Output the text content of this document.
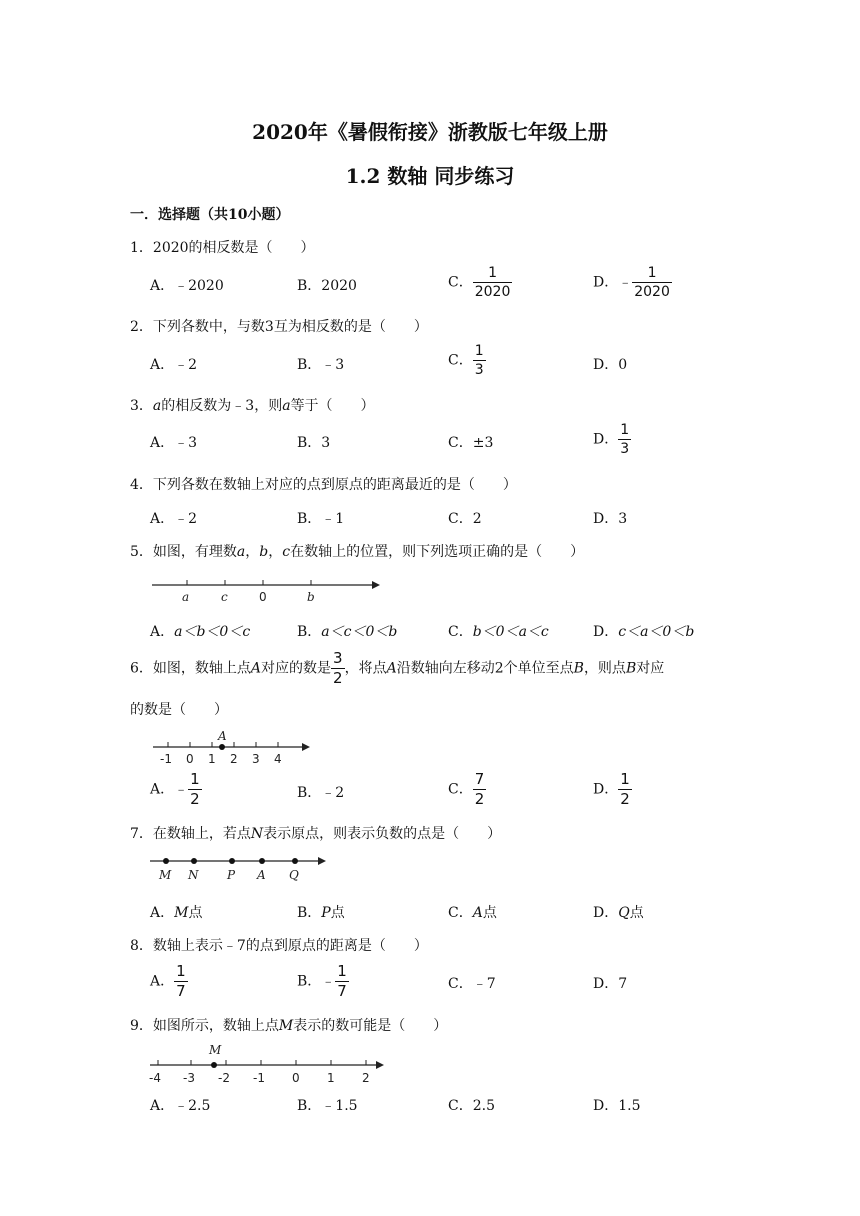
2020年《暑假衔接》浙教版七年级上册
1.2 数轴 同步练习
一．选择题（共10小题）
1．2020的相反数是（　　）
A．﹣2020	B．2020	C． $\frac{1}{2020}$	D．﹣ $\frac{1}{2020}$
2．下列各数中，与数3互为相反数的是（　　）
A．﹣2	B．﹣3	C． $\frac{1}{3}$	D．0
3．a的相反数为﹣3，则a等于（　　）
A．﹣3	B．3	C．±3	D． $\frac{1}{3}$
4．下列各数在数轴上对应的点到原点的距离最近的是（　　）
A．﹣2	B．﹣1	C．2	D．3
5．如图，有理数a，b，c在数轴上的位置，则下列选项正确的是（　　）
a	c	0	b
A．a＜b＜0＜c	B．a＜c＜0＜b	C．b＜0＜a＜c	D．c＜a＜0＜b
6．如图，数轴上点A对应的数是 $\frac{3}{2}$ ，将点A沿数轴向左移动2个单位至点B，则点B对应
的数是（　　）
A
-1 0 1 2 3 4
A．﹣ $\frac{1}{2}$	B．﹣2	C． $\frac{7}{2}$	D． $\frac{1}{2}$
7．在数轴上，若点N表示原点，则表示负数的点是（　　）
M N P A Q
A．M点	B．P点	C．A点	D．Q点
8．数轴上表示﹣7的点到原点的距离是（　　）
A． $\frac{1}{7}$	B．﹣ $\frac{1}{7}$	C．﹣7	D．7
9．如图所示，数轴上点M表示的数可能是（　　）
M
-4 -3 -2 -1 0 1 2
A．﹣2.5	B．﹣1.5	C．2.5	D．1.5
